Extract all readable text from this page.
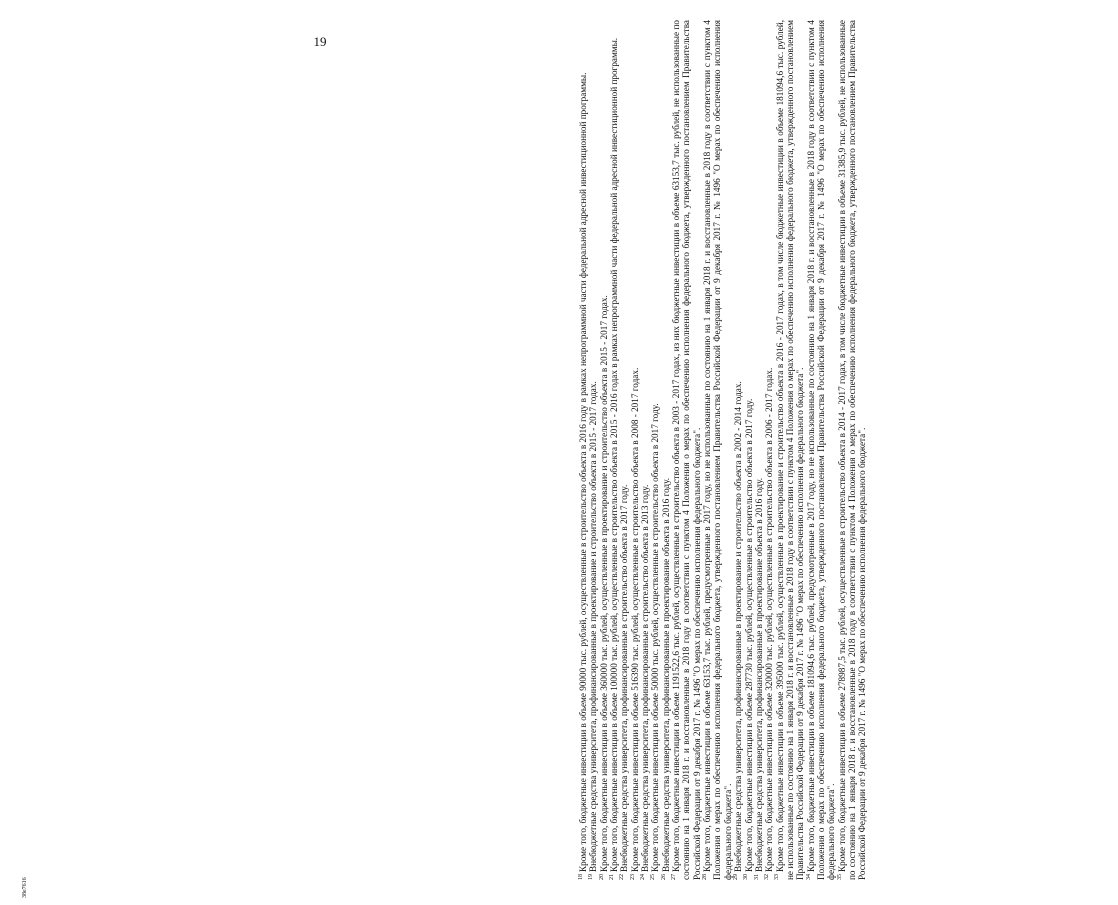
19

$^{18}$Кроме того, бюджетные инвестиции в объеме 90000 тыс. рублей, осуществленные в строительство объекта в 2016 году в рамках непрограммной части федеральной адресной инвестиционной программы.

$^{19}$Внебюджетные средства университета, профинансированные в проектирование и строительство объекта в 2015 - 2017 годах.

$^{20}$Кроме того, бюджетные инвестиции в объеме 360000 тыс. рублей, осуществленные в проектирование и строительство объекта в 2015 - 2017 годах.

$^{21}$Кроме того, бюджетные инвестиции в объеме 100000 тыс. рублей, осуществленные в строительство объекта в 2015 - 2016 годах в рамках непрограммной части федеральной адресной инвестиционной программы.

$^{22}$Внебюджетные средства университета, профинансированные в строительство объекта в 2017 году.

$^{23}$Кроме того, бюджетные инвестиции в объеме 516390 тыс. рублей, осуществленные в строительство объекта в 2008 - 2017 годах.

$^{24}$Внебюджетные средства университета, профинансированные в строительство объекта в 2013 году.

$^{25}$Кроме того, бюджетные инвестиции в объеме 50000 тыс. рублей, осуществленные в строительство объекта в 2017 году.

$^{26}$Внебюджетные средства университета, профинансированные в проектирование объекта в 2016 году.

$^{27}$Кроме того, бюджетные инвестиции в объеме 1191522,6 тыс. рублей, осуществленные в строительство объекта в 2003 - 2017 годах, из них бюджетные инвестиции в объеме 63153,7 тыс. рублей, не использованные по состоянию на 1 января 2018 г. и восстановленные в 2018 году в соответствии с пунктом 4 Положения о мерах по обеспечению исполнения федерального бюджета, утвержденного постановлением Правительства Российской Федерации от 9 декабря 2017 г. № 1496 "О мерах по обеспечению исполнения федерального бюджета". $^{28}$Кроме того, бюджетные инвестиции в объеме 63153,7 тыс. рублей, предусмотренные в 2017 году, но не использованные по состоянию на 1 января 2018 г. и восстановленные в 2018 году в соответствии с пунктом 4 Положения о мерах по обеспечению исполнения федерального бюджета, утвержденного постановлением Правительства Российской Федерации от 9 декабря 2017 г. № 1496 "О мерах по обеспечению исполнения федерального бюджета". $^{29}$Внебюджетные средства университета, профинансированные в проектирование и строительство объекта в 2002 - 2014 годах.

$^{30}$Кроме того, бюджетные инвестиции в объеме 287730 тыс. рублей, осуществленные в строительство объекта в 2017 году.

$^{31}$Внебюджетные средства университета, профинансированные в проектирование объекта в 2016 году.

$^{32}$Кроме того, бюджетные инвестиции в объеме 320000 тыс. рублей, осуществленные в строительство объекта в 2006 - 2017 годах.

$^{33}$Кроме того, бюджетные инвестиции в объеме 395000 тыс. рублей, осуществленные в проектирование и строительство объекта в 2016 - 2017 годах, в том числе бюджетные инвестиции в объеме 181094,6 тыс. рублей, не использованные по состоянию на 1 января 2018 г. и восстановленные в 2018 году в соответствии с пунктом 4 Положения о мерах по обеспечению исполнения федерального бюджета, утвержденного постановлением Правительства Российской Федерации от 9 декабря 2017 г. № 1496 "О мерах по обеспечению исполнения федерального бюджета". $^{34}$Кроме того, бюджетные инвестиции в объеме 181094,6 тыс. рублей, предусмотренные в 2017 году, но не использованные по состоянию на 1 января 2018 г. и восстановленные в 2018 году в соответствии с пунктом 4 Положения о мерах по обеспечению исполнения федерального бюджета, утвержденного постановлением Правительства Российской Федерации от 9 декабря 2017 г. № 1496 "О мерах по обеспечению исполнения федерального бюджета". $^{35}$Кроме того, бюджетные инвестиции в объеме 278987,5 тыс. рублей, осуществленные в строительство объекта в 2014 - 2017 годах, в том числе бюджетные инвестиции в объеме 31385,9 тыс. рублей, не использованные по состоянию на 1 января 2018 г. и восстановленные в 2018 году в соответствии с пунктом 4 Положения о мерах по обеспечению исполнения федерального бюджета, утвержденного постановлением Правительства Российской Федерации от 9 декабря 2017 г. № 1496 "О мерах по обеспечению исполнения федерального бюджета".

38e7616
